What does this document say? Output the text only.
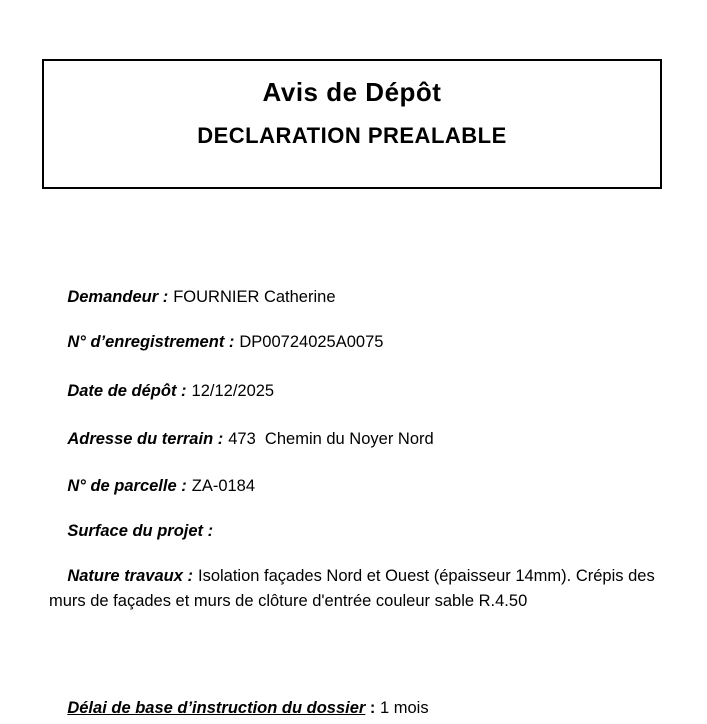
Avis de Dépôt
DECLARATION PREALABLE

Demandeur : FOURNIER Catherine

N° d’enregistrement : DP00724025A0075

Date de dépôt : 12/12/2025

Adresse du terrain : 473  Chemin du Noyer Nord

N° de parcelle : ZA-0184

Surface du projet :

Nature travaux : Isolation façades Nord et Ouest (épaisseur 14mm). Crépis des murs de façades et murs de clôture d'entrée couleur sable R.4.50

Délai de base d’instruction du dossier : 1 mois
